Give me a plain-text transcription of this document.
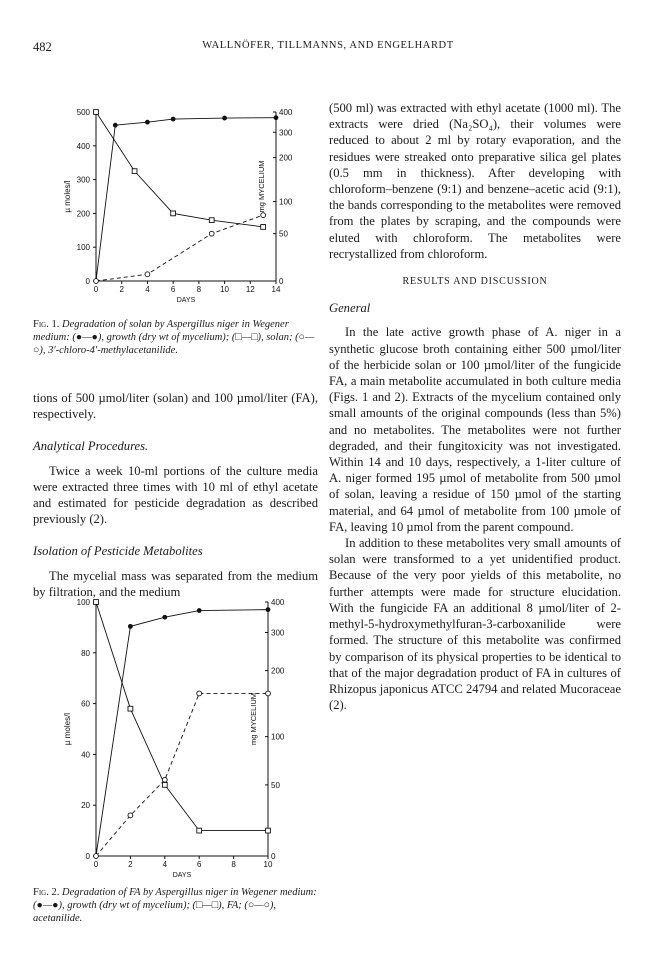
482	WALLNÖFER, TILLMANNS, AND ENGELHARDT
0	2	4	6	8 10 12 14
0
100
200
300
400
500
0
50
100
200
300
400
DAYS
µ moles/l	mg MYCELIUM
Fig. 1. Degradation of solan by Aspergillus niger in Wegener medium: (●—●), growth (dry wt of mycelium); (□—□), solan; (○—○), 3′-chloro-4′-methylacetanilide.

tions of 500 µmol/liter (solan) and 100 µmol/liter (FA), respectively.

Analytical Procedures.

Twice a week 10-ml portions of the culture media were extracted three times with 10 ml of ethyl acetate and estimated for pesticide degradation as described previously (2).

Isolation of Pesticide Metabolites

The mycelial mass was separated from the medium by filtration, and the medium

0	2	4	6	8	10
0
20
40
60
80
100
0
50
100
200
300
400
DAYS
µ moles/l	mg MYCELIUM
Fig. 2. Degradation of FA by Aspergillus niger in Wegener medium: (●—●), growth (dry wt of mycelium); (□—□), FA; (○—○), acetanilide.

(500 ml) was extracted with ethyl acetate (1000 ml). The extracts were dried (Na₂SO₄), their volumes were reduced to about 2 ml by rotary evaporation, and the residues were streaked onto preparative silica gel plates (0.5 mm in thickness). After developing with chloroform–benzene (9:1) and benzene–acetic acid (9:1), the bands corresponding to the metabolites were removed from the plates by scraping, and the compounds were eluted with chloroform. The metabolites were recrystallized from chloroform.

RESULTS AND DISCUSSION

General

In the late active growth phase of A. niger in a synthetic glucose broth containing either 500 µmol/liter of the herbicide solan or 100 µmol/liter of the fungicide FA, a main metabolite accumulated in both culture media (Figs. 1 and 2). Extracts of the mycelium contained only small amounts of the original compounds (less than 5%) and no metabolites. The metabolites were not further degraded, and their fungitoxicity was not investigated. Within 14 and 10 days, respectively, a 1-liter culture of A. niger formed 195 µmol of metabolite from 500 µmol of solan, leaving a residue of 150 µmol of the starting material, and 64 µmol of metabolite from 100 µmole of FA, leaving 10 µmol from the parent compound.

In addition to these metabolites very small amounts of solan were transformed to a yet unidentified product. Because of the very poor yields of this metabolite, no further attempts were made for structure elucidation. With the fungicide FA an additional 8 µmol/liter of 2-methyl-5-hydroxymethylfuran-3-carboxanilide were formed. The structure of this metabolite was confirmed by comparison of its physical properties to be identical to that of the major degradation product of FA in cultures of Rhizopus japonicus ATCC 24794 and related Mucoraceae (2).
